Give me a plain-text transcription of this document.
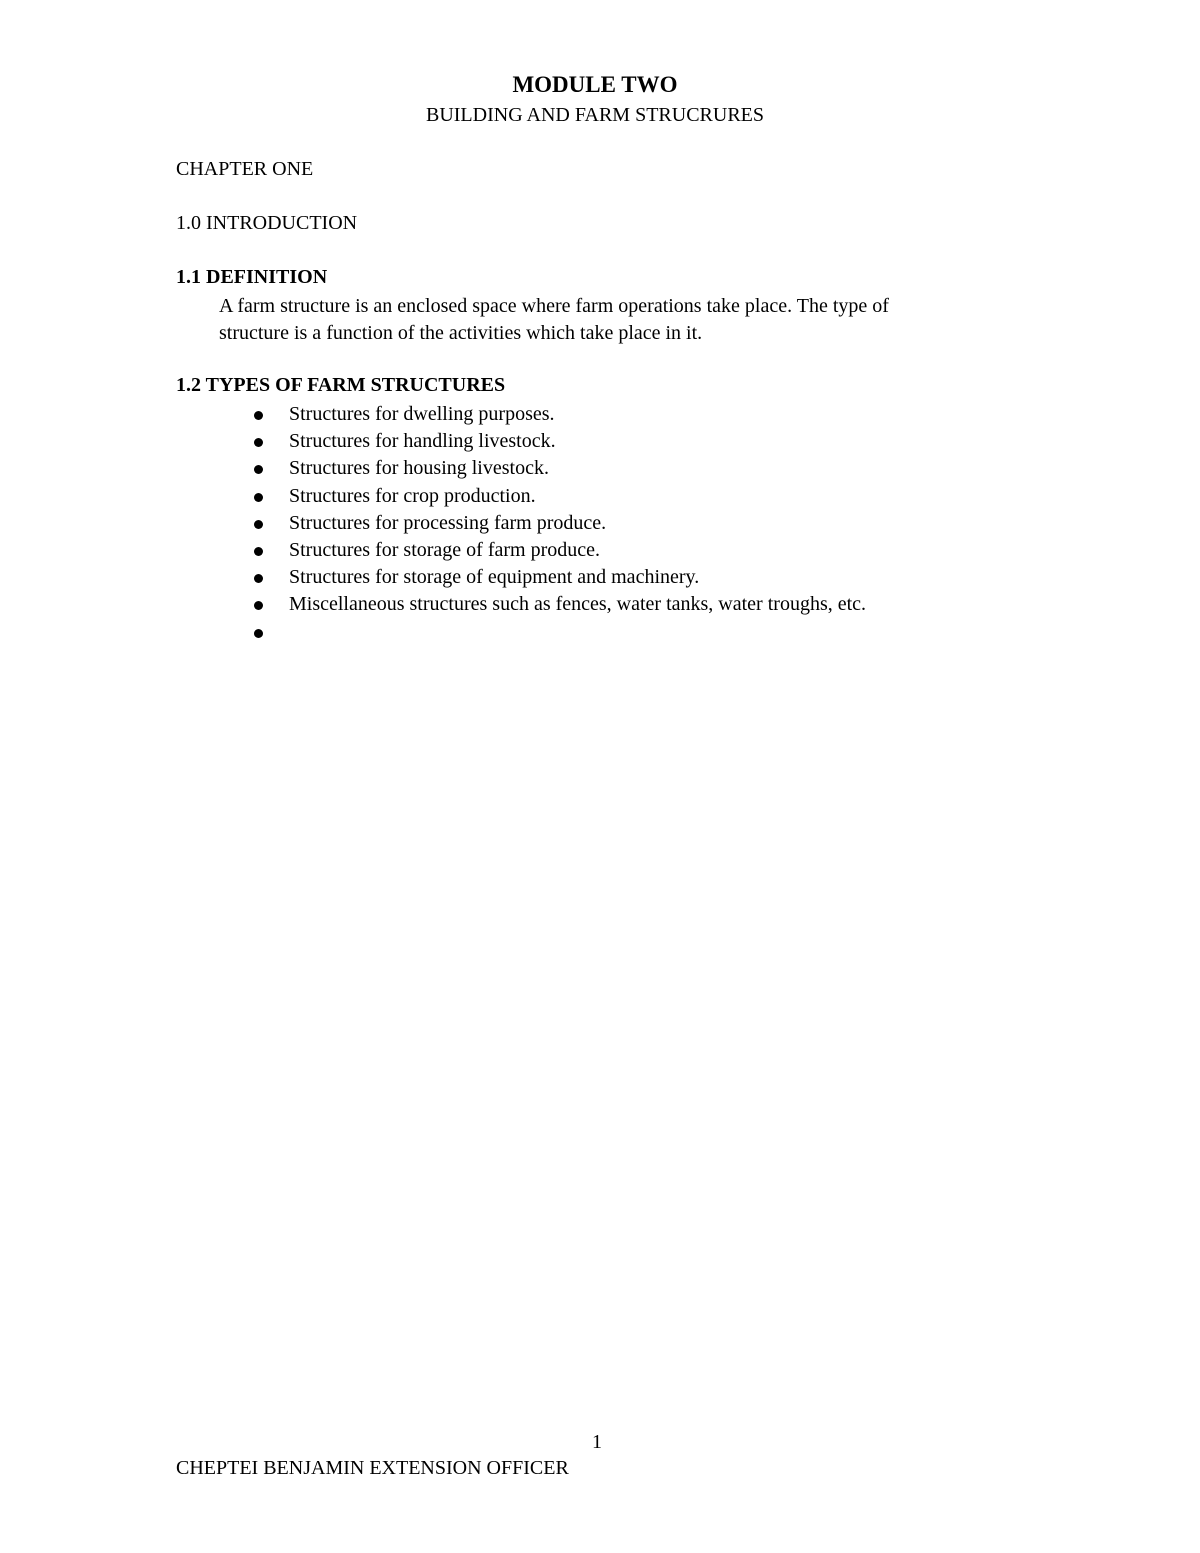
MODULE TWO
BUILDING AND FARM STRUCRURES
CHAPTER ONE
1.0 INTRODUCTION
1.1 DEFINITION
A farm structure is an enclosed space where farm operations take place. The type of
structure is a function of the activities which take place in it.
1.2 TYPES OF FARM STRUCTURES
Structures for dwelling purposes.
Structures for handling livestock.
Structures for housing livestock.
Structures for crop production.
Structures for processing farm produce.
Structures for storage of farm produce.
Structures for storage of equipment and machinery.
Miscellaneous structures such as fences, water tanks, water troughs, etc.
1
CHEPTEI BENJAMIN EXTENSION OFFICER
